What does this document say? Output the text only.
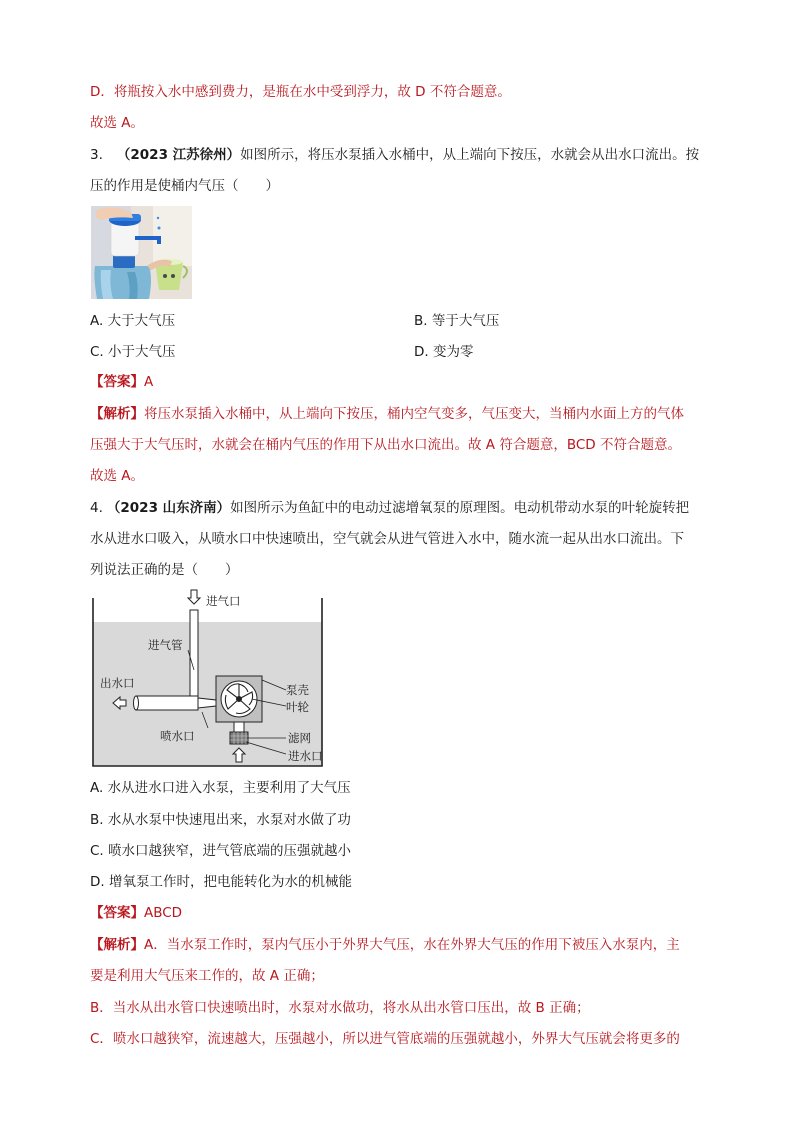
D．将瓶按入水中感到费力，是瓶在水中受到浮力，故 D 不符合题意。
故选 A。
3. （2023 江苏徐州）如图所示，将压水泵插入水桶中，从上端向下按压，水就会从出水口流出。按
压的作用是使桶内气压（　　）
A. 大于大气压	B. 等于大气压
C. 小于大气压	D. 变为零
【答案】A
【解析】将压水泵插入水桶中，从上端向下按压，桶内空气变多，气压变大，当桶内水面上方的气体
压强大于大气压时，水就会在桶内气压的作用下从出水口流出。故 A 符合题意，BCD 不符合题意。
故选 A。
4. （2023 山东济南）如图所示为鱼缸中的电动过滤增氧泵的原理图。电动机带动水泵的叶轮旋转把
水从进水口吸入，从喷水口中快速喷出，空气就会从进气管进入水中，随水流一起从出水口流出。下
列说法正确的是（　　）
进气口
进气管
出水口
喷水口
泵壳
叶轮
滤网
进水口
A. 水从进水口进入水泵，主要利用了大气压
B. 水从水泵中快速甩出来，水泵对水做了功
C. 喷水口越狭窄，进气管底端的压强就越小
D. 增氧泵工作时，把电能转化为水的机械能
【答案】ABCD
【解析】A．当水泵工作时，泵内气压小于外界大气压，水在外界大气压的作用下被压入水泵内，主
要是利用大气压来工作的，故 A 正确；
B．当水从出水管口快速喷出时，水泵对水做功，将水从出水管口压出，故 B 正确；
C．喷水口越狭窄，流速越大，压强越小，所以进气管底端的压强就越小，外界大气压就会将更多的
